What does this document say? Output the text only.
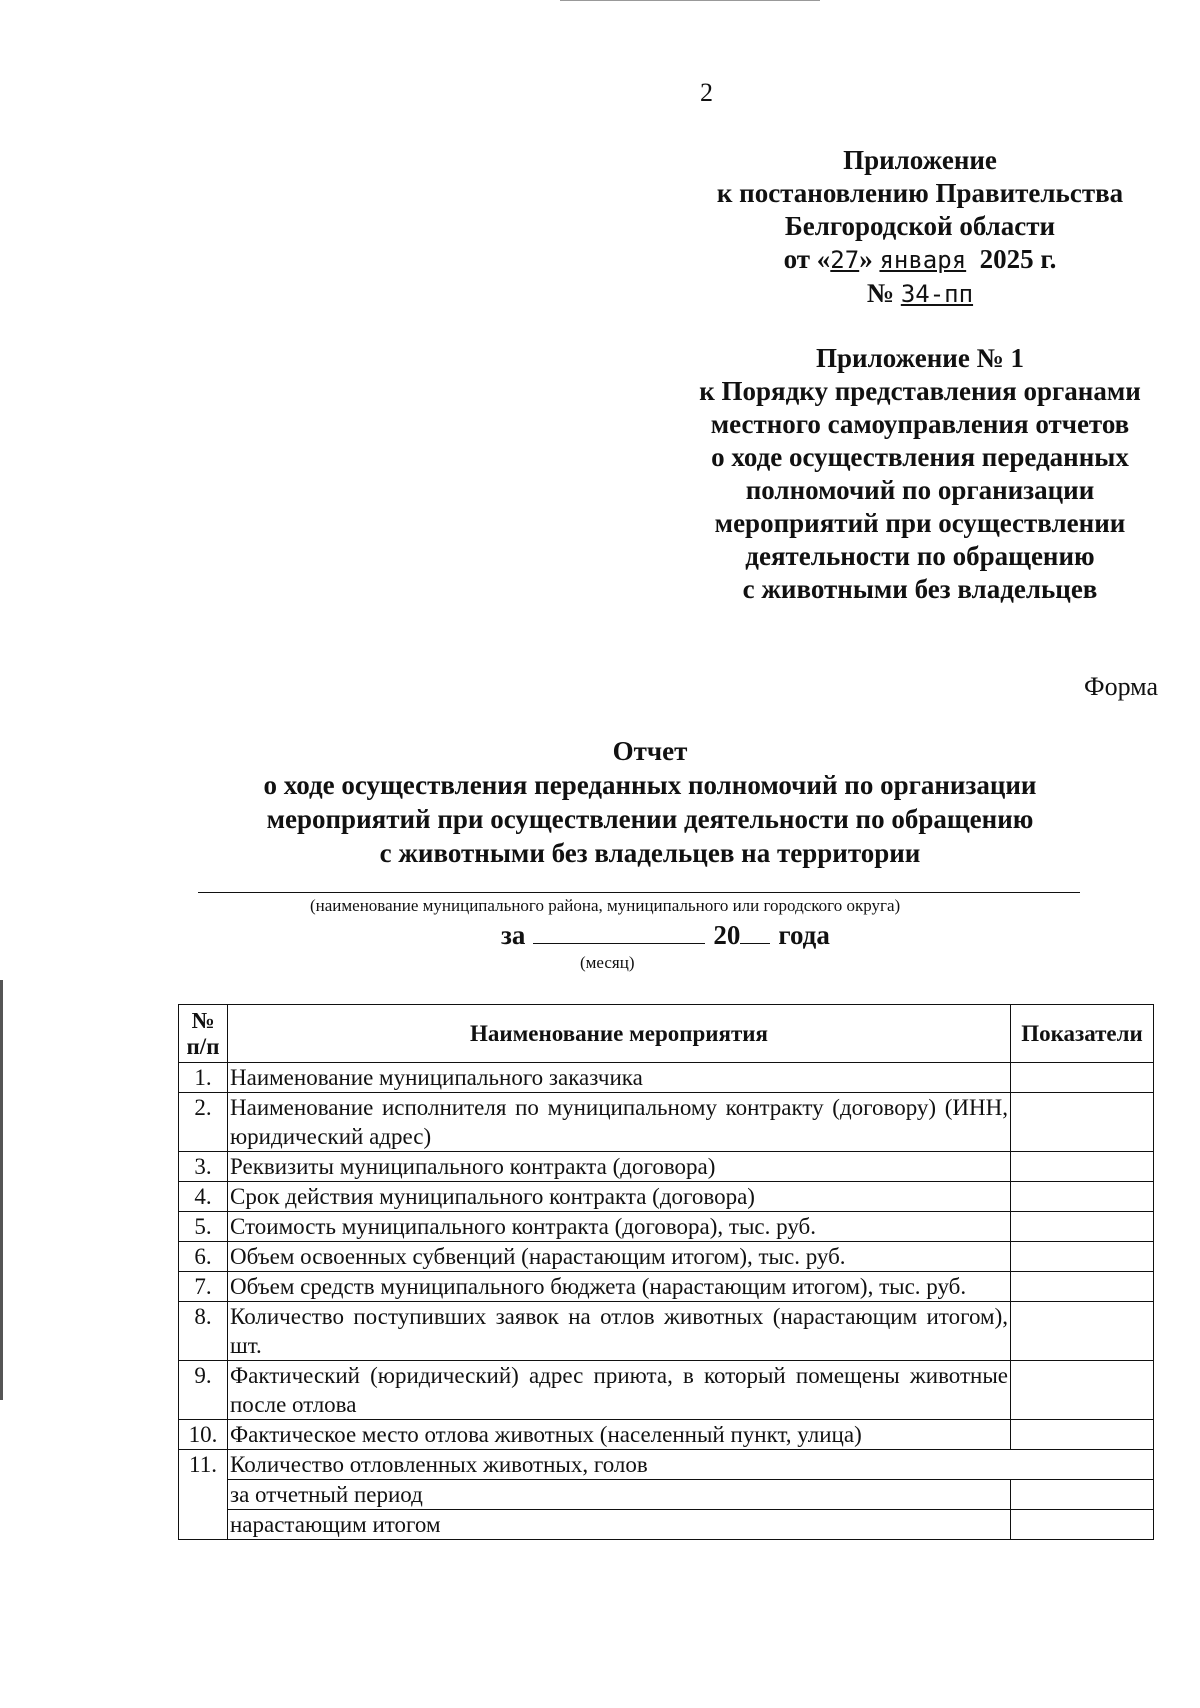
2
Приложение
к постановлению Правительства
Белгородской области
от «27» января 2025 г.
№ 34-пп
Приложение № 1
к Порядку представления органами
местного самоуправления отчетов
о ходе осуществления переданных
полномочий по организации
мероприятий при осуществлении
деятельности по обращению
с животными без владельцев
Форма
Отчет
о ходе осуществления переданных полномочий по организации
мероприятий при осуществлении деятельности по обращению
с животными без владельцев на территории
(наименование муниципального района, муниципального или городского округа)
за	20 года
(месяц)
№ п/п	Наименование мероприятия	Показатели
1.	Наименование муниципального заказчика	
2.	Наименование исполнителя по муниципальному контракту (договору) (ИНН, юридический адрес)	
3.	Реквизиты муниципального контракта (договора)	
4.	Срок действия муниципального контракта (договора)	
5.	Стоимость муниципального контракта (договора), тыс. руб.	
6.	Объем освоенных субвенций (нарастающим итогом), тыс. руб.	
7.	Объем средств муниципального бюджета (нарастающим итогом), тыс. руб.	
8.	Количество поступивших заявок на отлов животных (нарастающим итогом), шт.	
9.	Фактический (юридический) адрес приюта, в который помещены животные после отлова	
10.	Фактическое место отлова животных (населенный пункт, улица)	
11.	Количество отловленных животных, голов	
	за отчетный период	
	нарастающим итогом	
